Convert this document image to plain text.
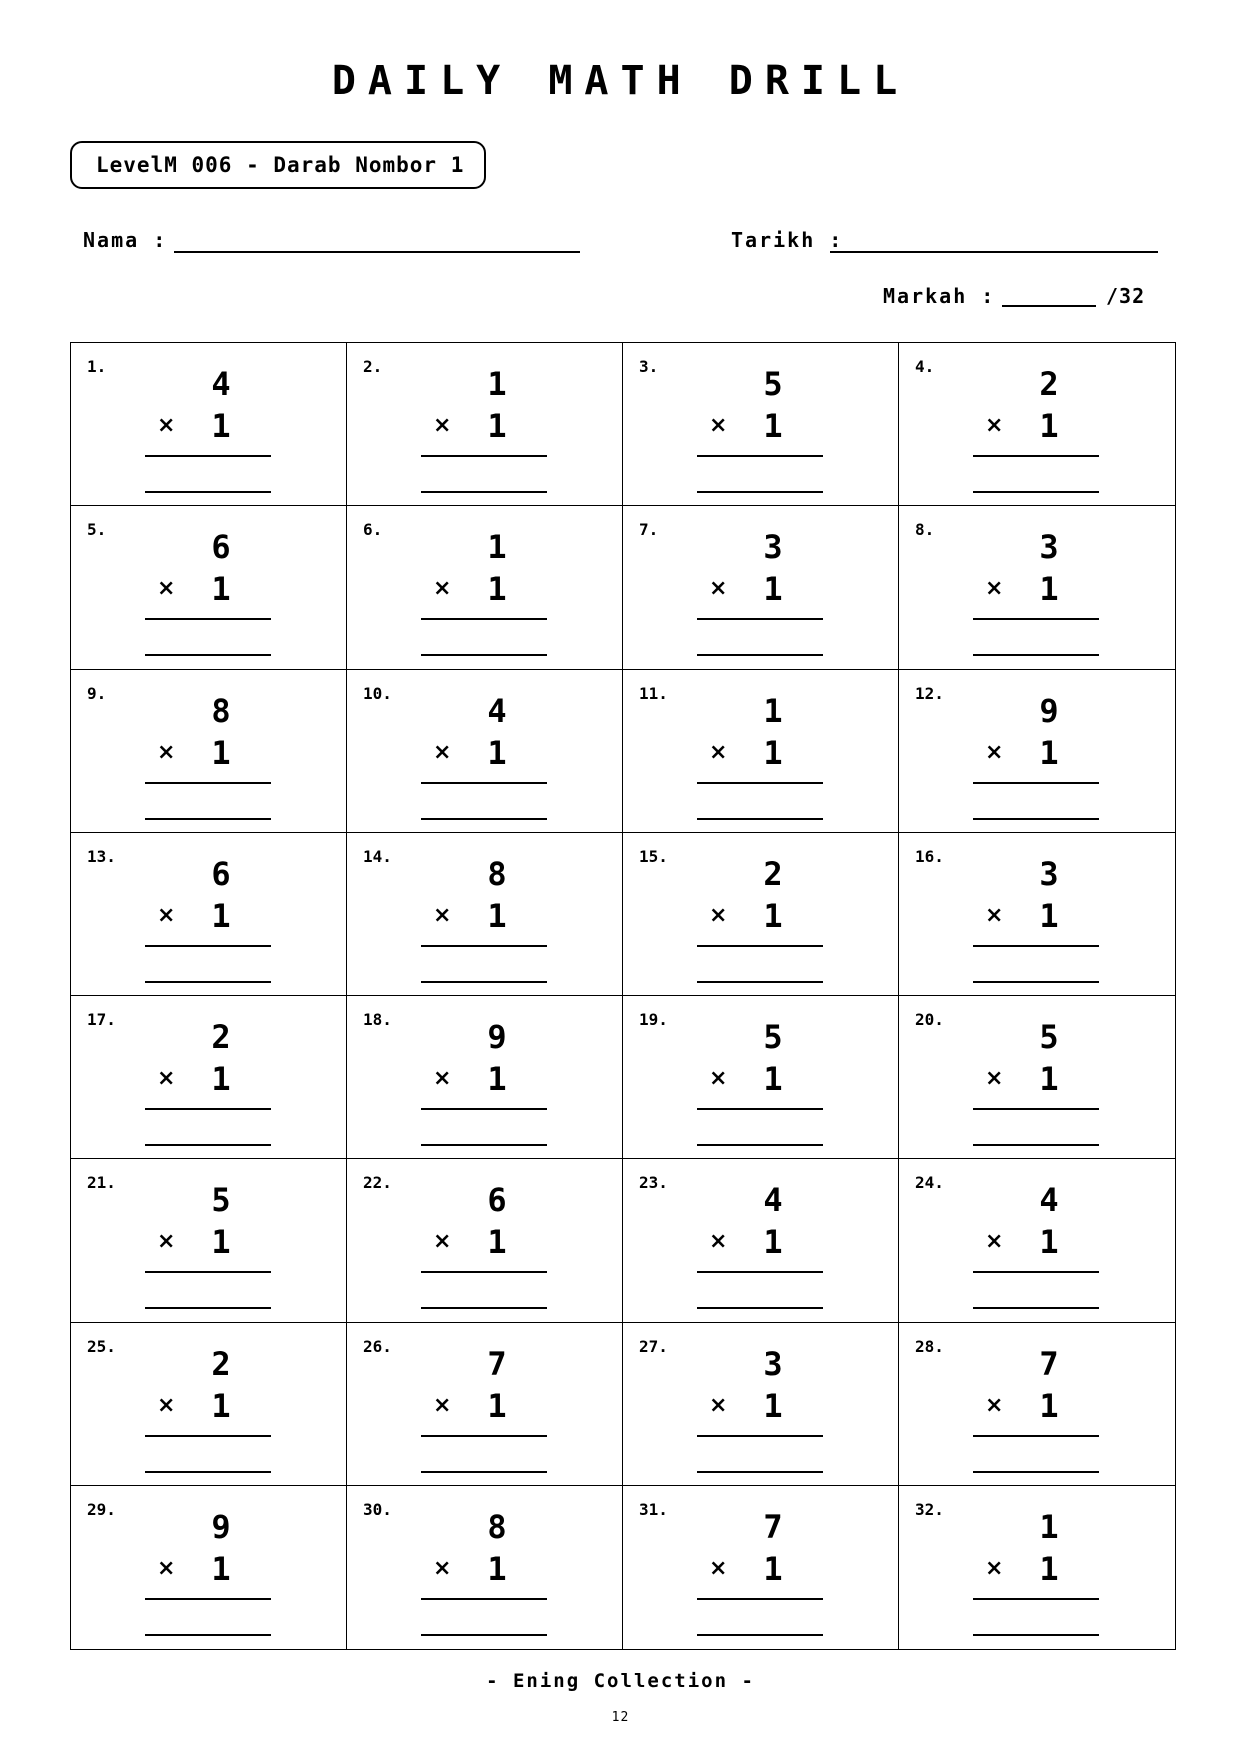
DAILY MATH DRILL
LevelM 006 - Darab Nombor 1
Nama :	Tarikh :
Markah :	/32
1.	4
×	1
2.	1
×	1
3.	5
×	1
4.	2
×	1
5.	6
×	1
6.	1
×	1
7.	3
×	1
8.	3
×	1
9.	8
×	1
10.	4
×	1
11.	1
×	1
12.	9
×	1
13.	6
×	1
14.	8
×	1
15.	2
×	1
16.	3
×	1
17.	2
×	1
18.	9
×	1
19.	5
×	1
20.	5
×	1
21.	5
×	1
22.	6
×	1
23.	4
×	1
24.	4
×	1
25.	2
×	1
26.	7
×	1
27.	3
×	1
28.	7
×	1
29.	9
×	1
30.	8
×	1
31.	7
×	1
32.	1
×	1
- Ening Collection -
12
